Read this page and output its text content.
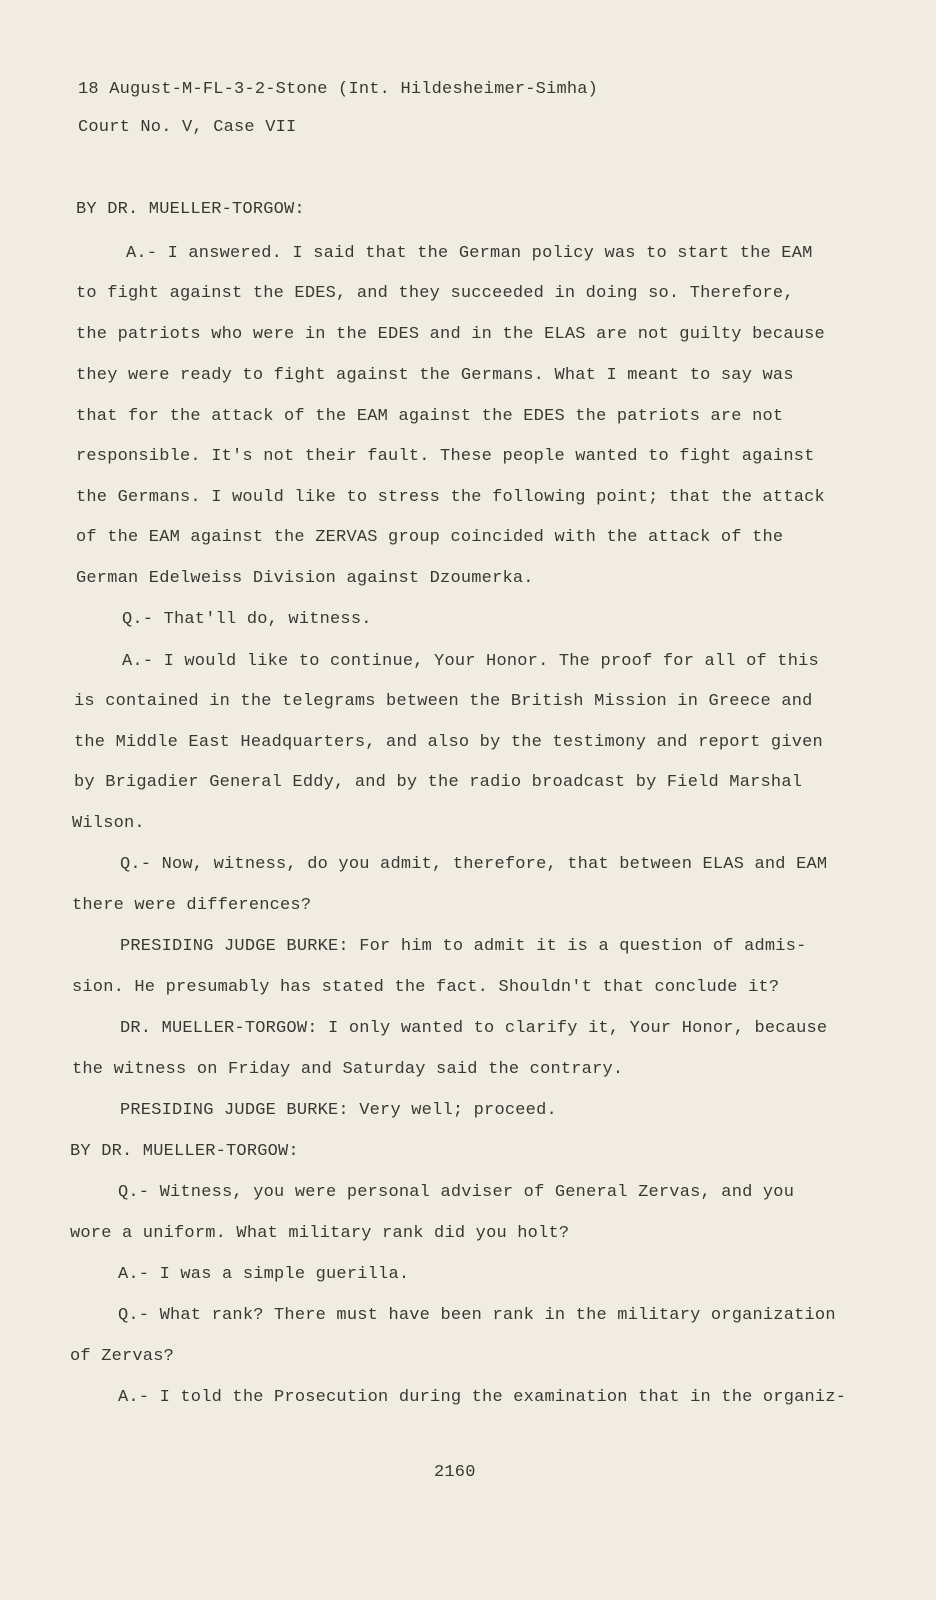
18 August-M-FL-3-2-Stone (Int. Hildesheimer-Simha)
Court No. V, Case VII
BY DR. MUELLER-TORGOW:
A.- I answered. I said that the German policy was to start the EAM
to fight against the EDES, and they succeeded in doing so. Therefore,
the patriots who were in the EDES and in the ELAS are not guilty because
they were ready to fight against the Germans. What I meant to say was
that for the attack of the EAM against the EDES the patriots are not
responsible. It's not their fault. These people wanted to fight against
the Germans. I would like to stress the following point; that the attack
of the EAM against the ZERVAS group coincided with the attack of the
German Edelweiss Division against Dzoumerka.
Q.- That'll do, witness.
A.- I would like to continue, Your Honor. The proof for all of this
is contained in the telegrams between the British Mission in Greece and
the Middle East Headquarters, and also by the testimony and report given
by Brigadier General Eddy, and by the radio broadcast by Field Marshal
Wilson.
Q.- Now, witness, do you admit, therefore, that between ELAS and EAM
there were differences?
PRESIDING JUDGE BURKE: For him to admit it is a question of admis-
sion. He presumably has stated the fact. Shouldn't that conclude it?
DR. MUELLER-TORGOW: I only wanted to clarify it, Your Honor, because
the witness on Friday and Saturday said the contrary.
PRESIDING JUDGE BURKE: Very well; proceed.
BY DR. MUELLER-TORGOW:
Q.- Witness, you were personal adviser of General Zervas, and you
wore a uniform. What military rank did you holt?
A.- I was a simple guerilla.
Q.- What rank? There must have been rank in the military organization
of Zervas?
A.- I told the Prosecution during the examination that in the organiz-
2160
